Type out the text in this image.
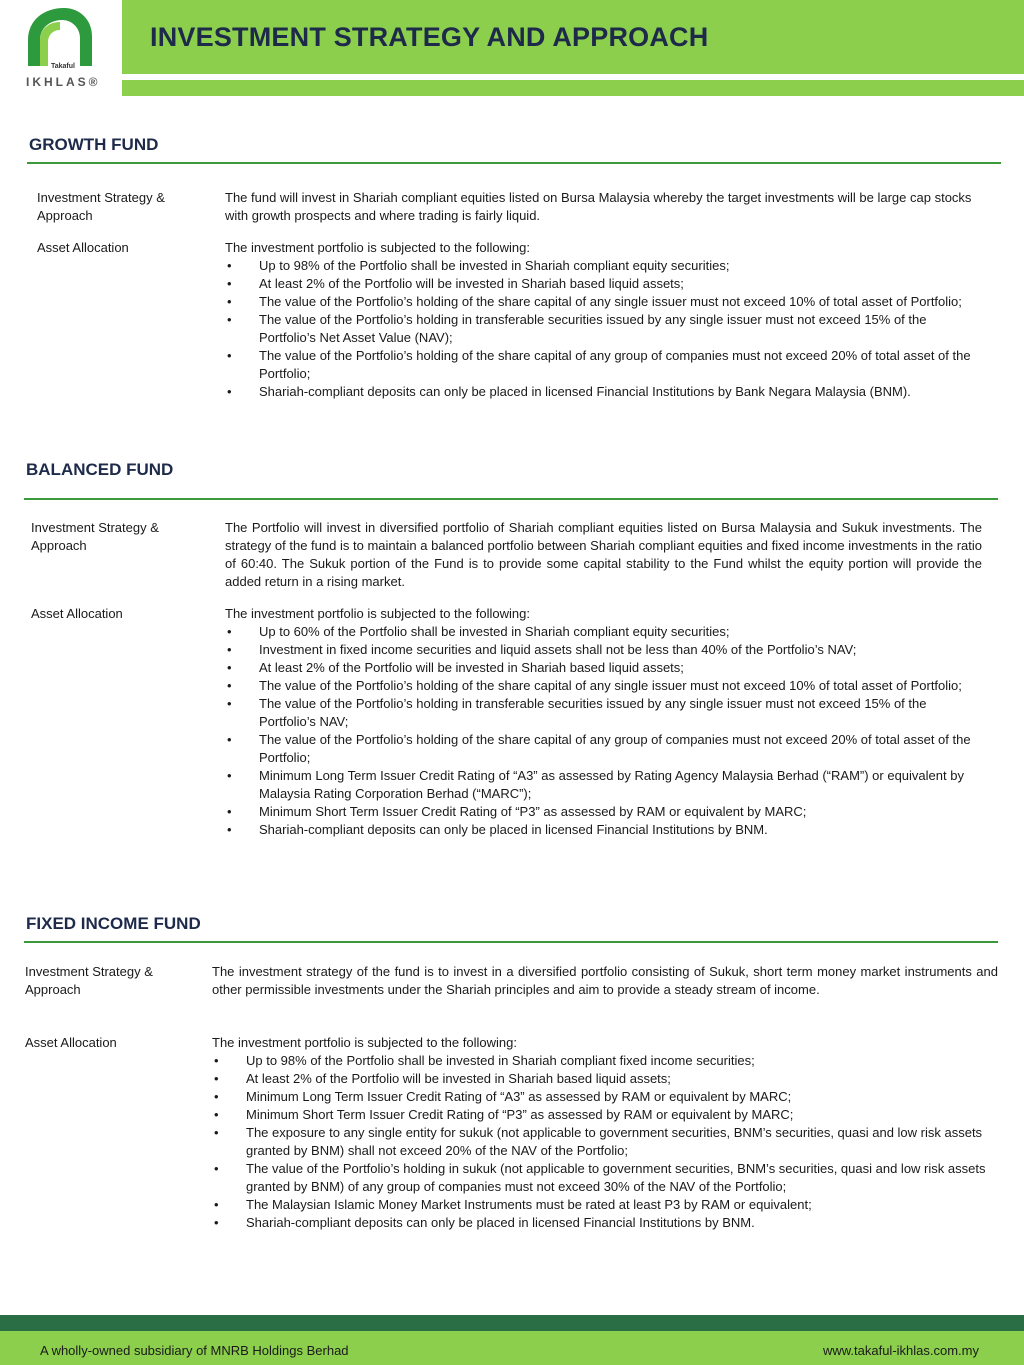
Takaful
IKHLAS®
INVESTMENT STRATEGY AND APPROACH
GROWTH FUND
Investment Strategy & Approach

The fund will invest in Shariah compliant equities listed on Bursa Malaysia whereby the target investments will be large cap stocks with growth prospects and where trading is fairly liquid.

Asset Allocation	The investment portfolio is subjected to the following:

• Up to 98% of the Portfolio shall be invested in Shariah compliant equity securities;
• At least 2% of the Portfolio will be invested in Shariah based liquid assets;
• The value of the Portfolio’s holding of the share capital of any single issuer must not exceed 10% of total asset of Portfolio;
• The value of the Portfolio’s holding in transferable securities issued by any single issuer must not exceed 15% of the Portfolio’s Net Asset Value (NAV);
• The value of the Portfolio’s holding of the share capital of any group of companies must not exceed 20% of total asset of the Portfolio;
• Shariah-compliant deposits can only be placed in licensed Financial Institutions by Bank Negara Malaysia (BNM).
BALANCED FUND
Investment Strategy & Approach

The Portfolio will invest in diversified portfolio of Shariah compliant equities listed on Bursa Malaysia and Sukuk investments. The strategy of the fund is to maintain a balanced portfolio between Shariah compliant equities and fixed income investments in the ratio of 60:40. The Sukuk portion of the Fund is to provide some capital stability to the Fund whilst the equity portion will provide the added return in a rising market.

Asset Allocation	The investment portfolio is subjected to the following:

• Up to 60% of the Portfolio shall be invested in Shariah compliant equity securities;
• Investment in fixed income securities and liquid assets shall not be less than 40% of the Portfolio’s NAV;
• At least 2% of the Portfolio will be invested in Shariah based liquid assets;
• The value of the Portfolio’s holding of the share capital of any single issuer must not exceed 10% of total asset of Portfolio;
• The value of the Portfolio’s holding in transferable securities issued by any single issuer must not exceed 15% of the Portfolio’s NAV;
• The value of the Portfolio’s holding of the share capital of any group of companies must not exceed 20% of total asset of the Portfolio;
• Minimum Long Term Issuer Credit Rating of “A3” as assessed by Rating Agency Malaysia Berhad (“RAM”) or equivalent by Malaysia Rating Corporation Berhad (“MARC”);
• Minimum Short Term Issuer Credit Rating of “P3” as assessed by RAM or equivalent by MARC;
• Shariah-compliant deposits can only be placed in licensed Financial Institutions by BNM.
FIXED INCOME FUND
Investment Strategy & Approach

The investment strategy of the fund is to invest in a diversified portfolio consisting of Sukuk, short term money market instruments and other permissible investments under the Shariah principles and aim to provide a steady stream of income.

Asset Allocation	The investment portfolio is subjected to the following:

• Up to 98% of the Portfolio shall be invested in Shariah compliant fixed income securities;
• At least 2% of the Portfolio will be invested in Shariah based liquid assets;
• Minimum Long Term Issuer Credit Rating of “A3” as assessed by RAM or equivalent by MARC;
• Minimum Short Term Issuer Credit Rating of “P3” as assessed by RAM or equivalent by MARC;
• The exposure to any single entity for sukuk (not applicable to government securities, BNM’s securities, quasi and low risk assets granted by BNM) shall not exceed 20% of the NAV of the Portfolio;
• The value of the Portfolio’s holding in sukuk (not applicable to government securities, BNM’s securities, quasi and low risk assets granted by BNM) of any group of companies must not exceed 30% of the NAV of the Portfolio;
• The Malaysian Islamic Money Market Instruments must be rated at least P3 by RAM or equivalent;
• Shariah-compliant deposits can only be placed in licensed Financial Institutions by BNM.
A wholly-owned subsidiary of MNRB Holdings Berhad	www.takaful-ikhlas.com.my
